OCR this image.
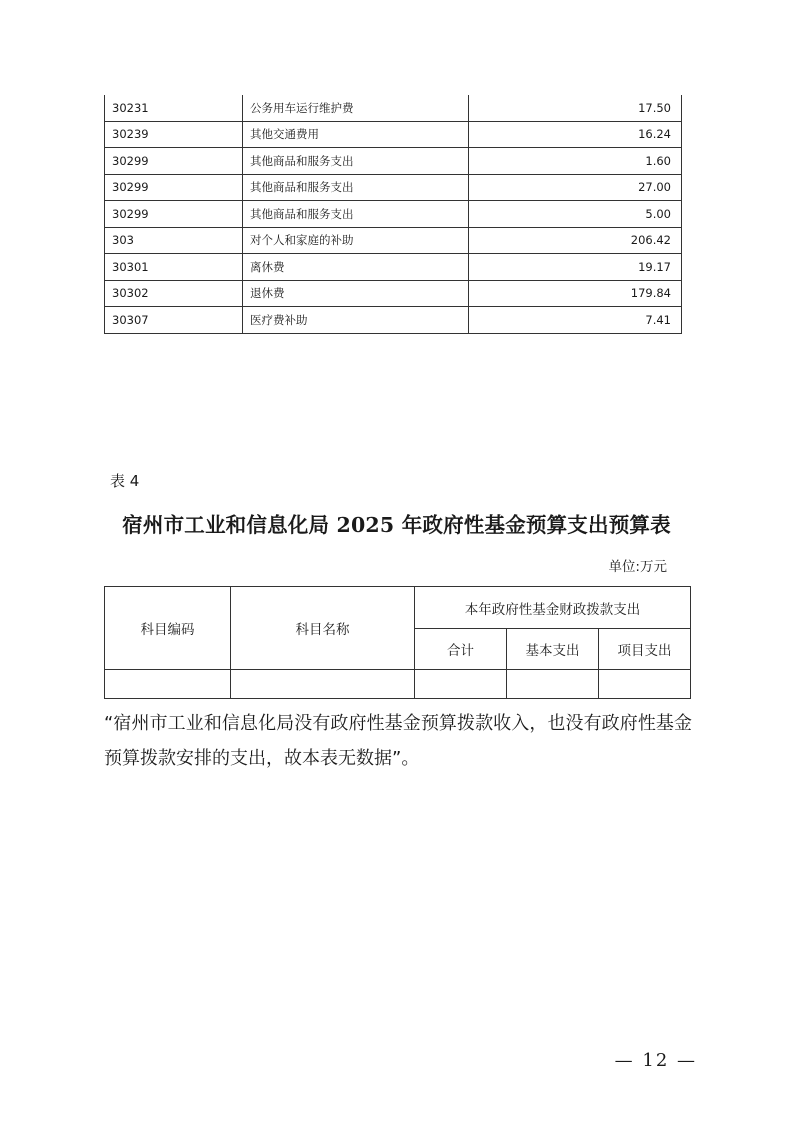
30231	公务用车运行维护费	17.50
30239	其他交通费用	16.24
30299	其他商品和服务支出	1.60
30299	其他商品和服务支出	27.00
30299	其他商品和服务支出	5.00
303	对个人和家庭的补助	206.42
30301	离休费	19.17
30302	退休费	179.84
30307	医疗费补助	7.41
表 4
宿州市工业和信息化局 2025 年政府性基金预算支出预算表
单位:万元
科目编码	科目名称	本年政府性基金财政拨款支出		
		合计	基本支出	项目支出

“宿州市工业和信息化局没有政府性基金预算拨款收入，也没有政府性基金预算拨款安排的支出，故本表无数据”。
— 12 —
